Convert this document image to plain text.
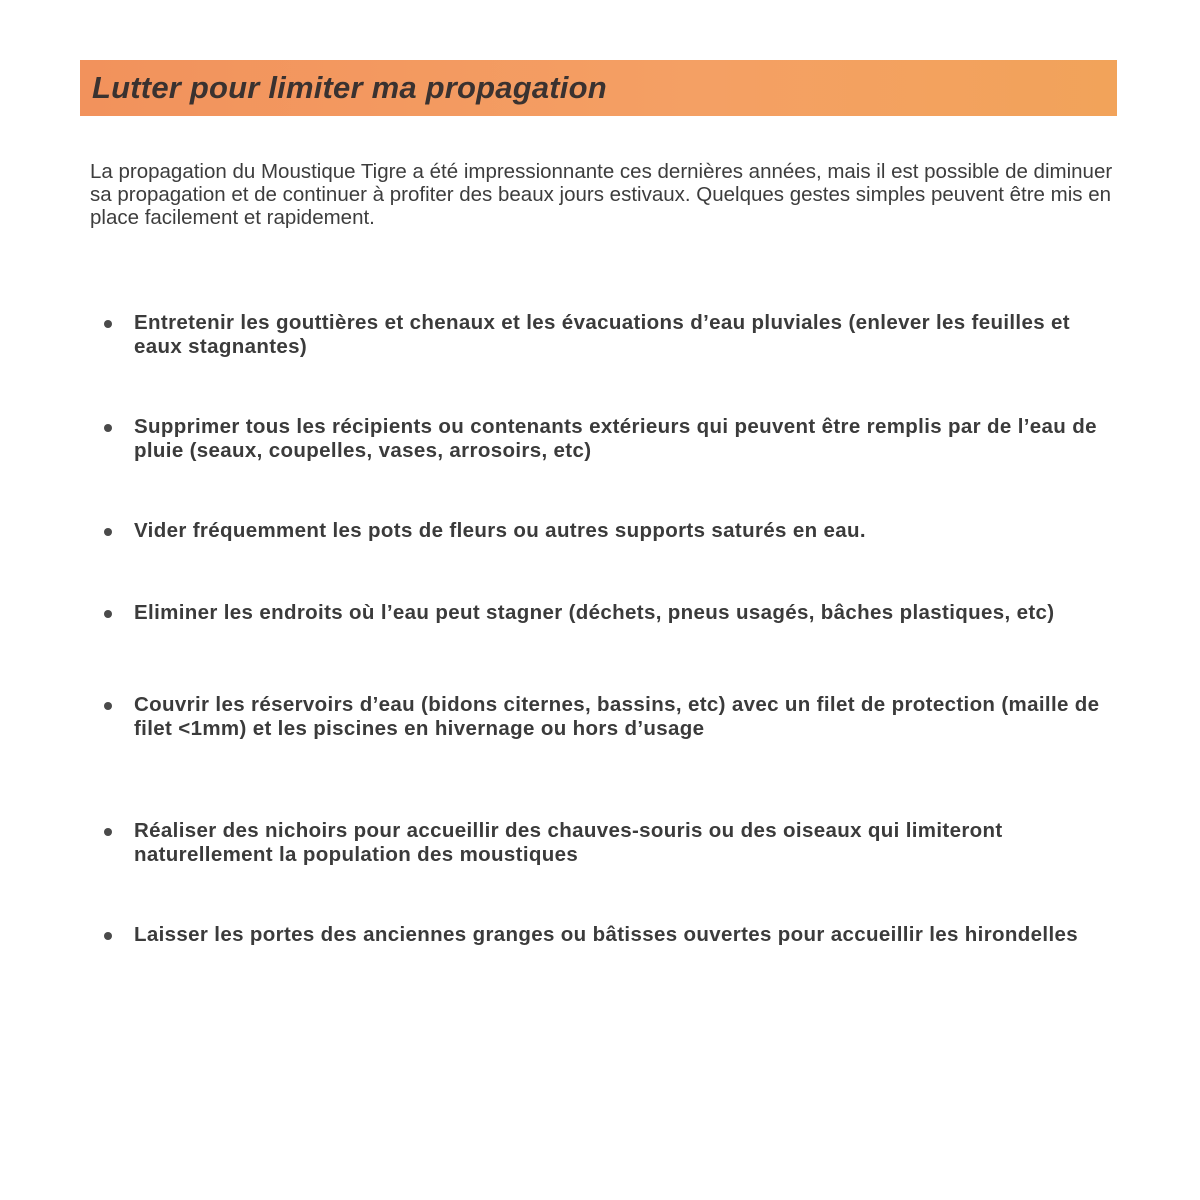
Lutter pour limiter ma propagation

La propagation du Moustique Tigre a été impressionnante ces dernières années, mais il est possible de diminuer sa propagation et de continuer à profiter des beaux jours estivaux. Quelques gestes simples peuvent être mis en place facilement et rapidement.

Entretenir les gouttières et chenaux et les évacuations d’eau pluviales (enlever les feuilles et eaux stagnantes)
Supprimer tous les récipients ou contenants extérieurs qui peuvent être remplis par de l’eau de pluie (seaux, coupelles, vases, arrosoirs, etc)
Vider fréquemment les pots de fleurs ou autres supports saturés en eau.
Eliminer les endroits où l’eau peut stagner (déchets, pneus usagés, bâches plastiques, etc)
Couvrir les réservoirs d’eau (bidons citernes, bassins, etc) avec un filet de protection (maille de filet <1mm) et les piscines en hivernage ou hors d’usage
Réaliser des nichoirs pour accueillir des chauves-souris ou des oiseaux qui limiteront naturellement la population des moustiques
Laisser les portes des anciennes granges ou bâtisses ouvertes pour accueillir les hirondelles
